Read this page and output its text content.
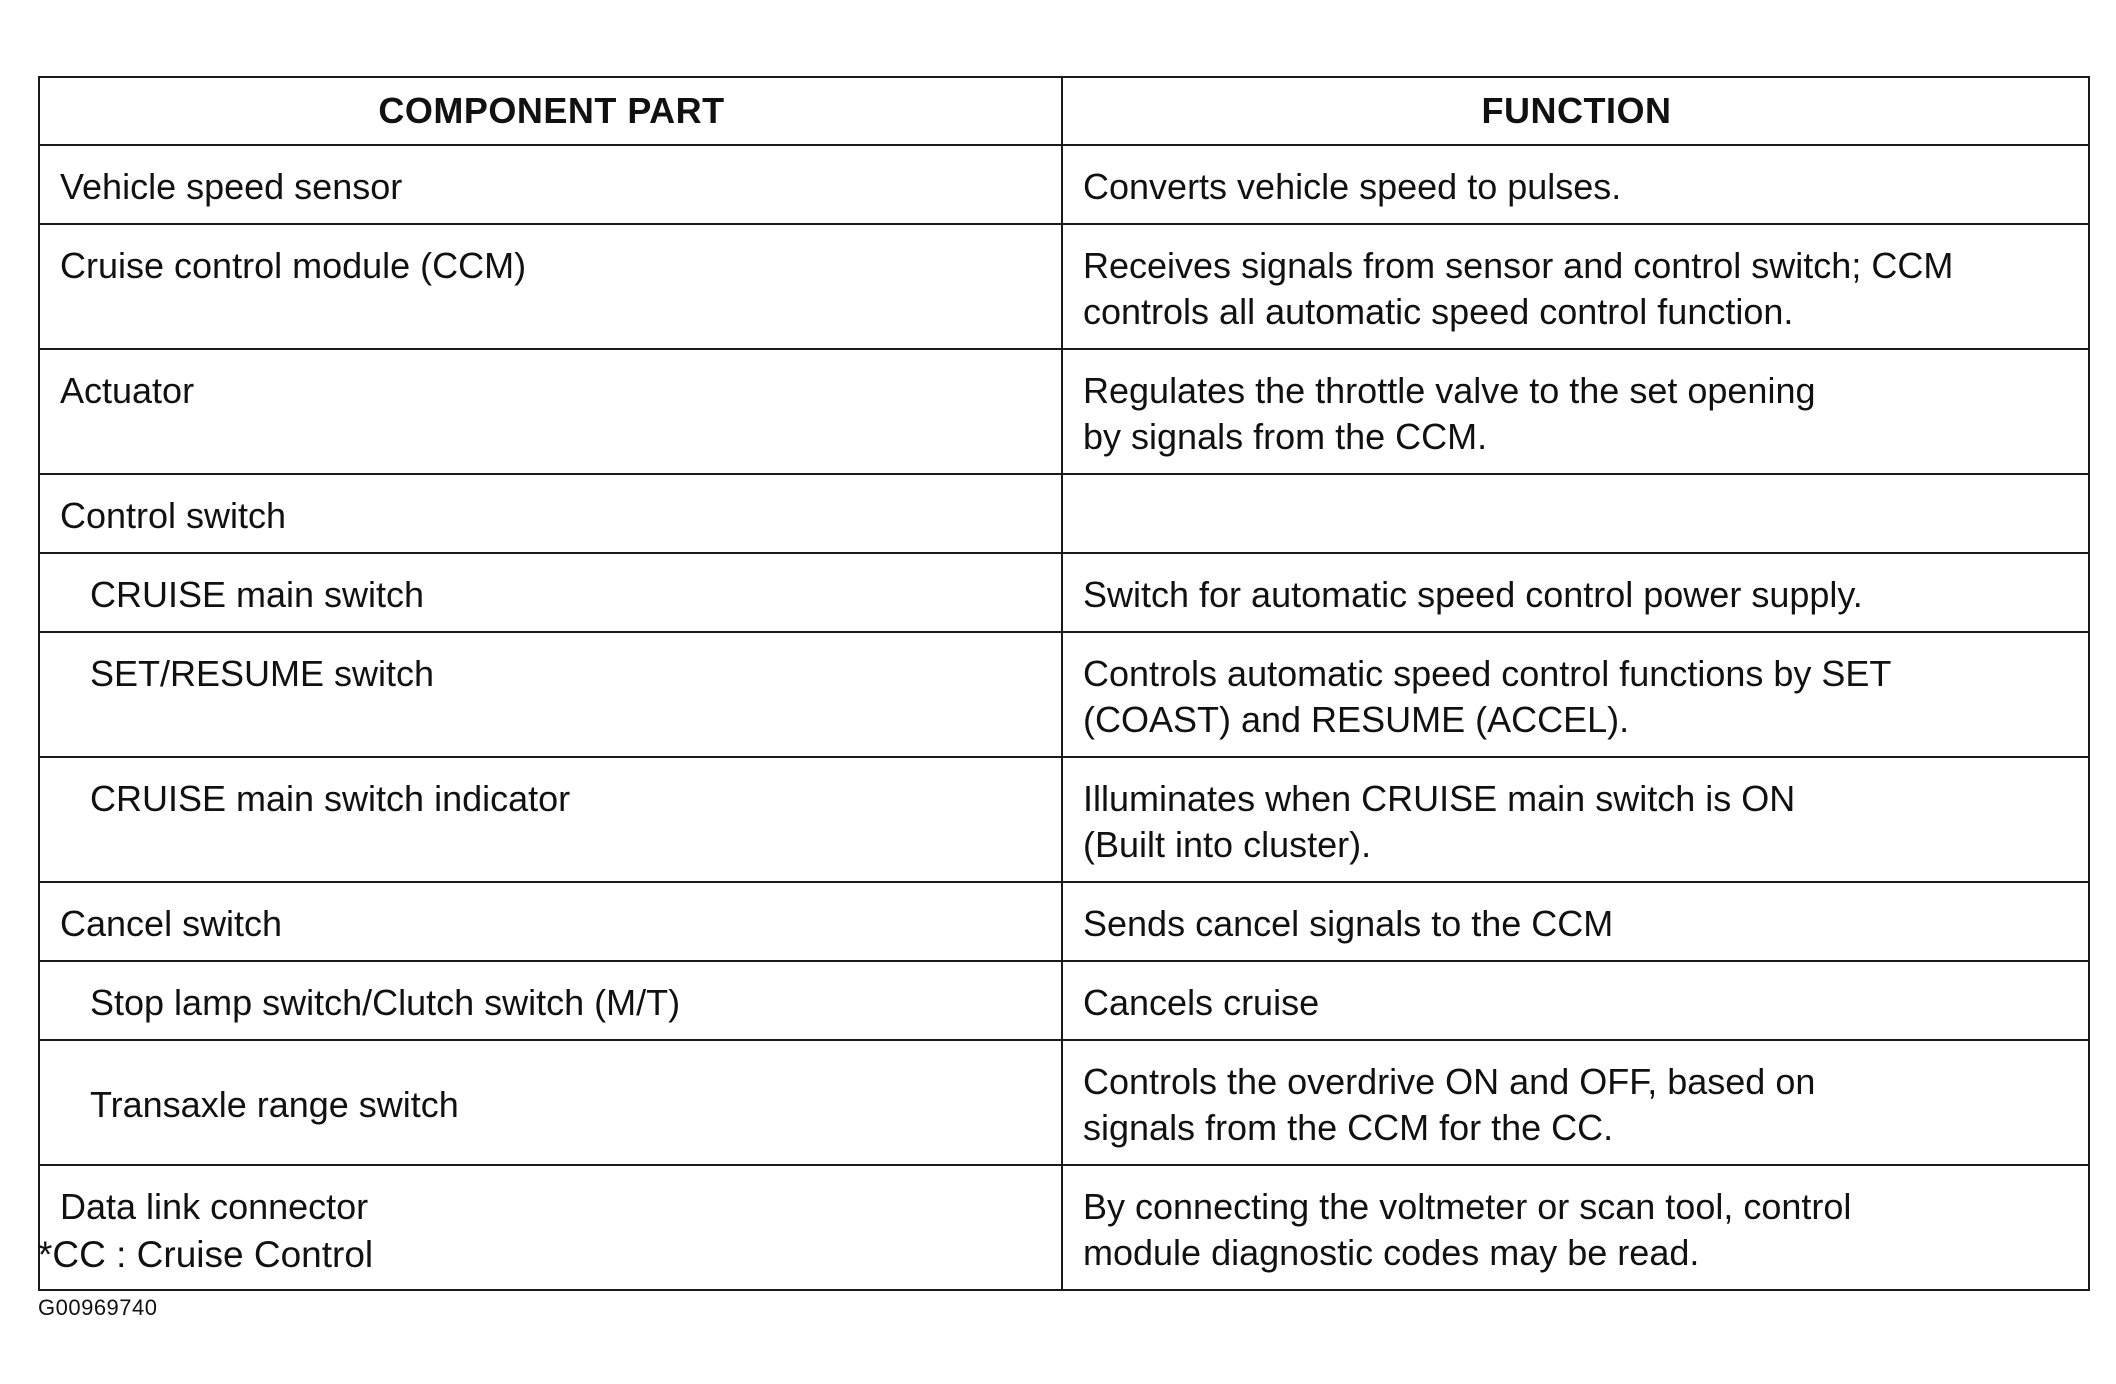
COMPONENT PART	FUNCTION
Vehicle speed sensor	Converts vehicle speed to pulses.
Cruise control module (CCM)	Receives signals from sensor and control switch; CCM
controls all automatic speed control function.
Actuator	Regulates the throttle valve to the set opening
by signals from the CCM.
Control switch	
CRUISE main switch	Switch for automatic speed control power supply.
SET/RESUME switch	Controls automatic speed control functions by SET
(COAST) and RESUME (ACCEL).
CRUISE main switch indicator	Illuminates when CRUISE main switch is ON
(Built into cluster).
Cancel switch	Sends cancel signals to the CCM
Stop lamp switch/Clutch switch (M/T)	Cancels cruise
Transaxle range switch	Controls the overdrive ON and OFF, based on
signals from the CCM for the CC.
Data link connector	By connecting the voltmeter or scan tool, control
module diagnostic codes may be read.
*CC : Cruise Control
G00969740
